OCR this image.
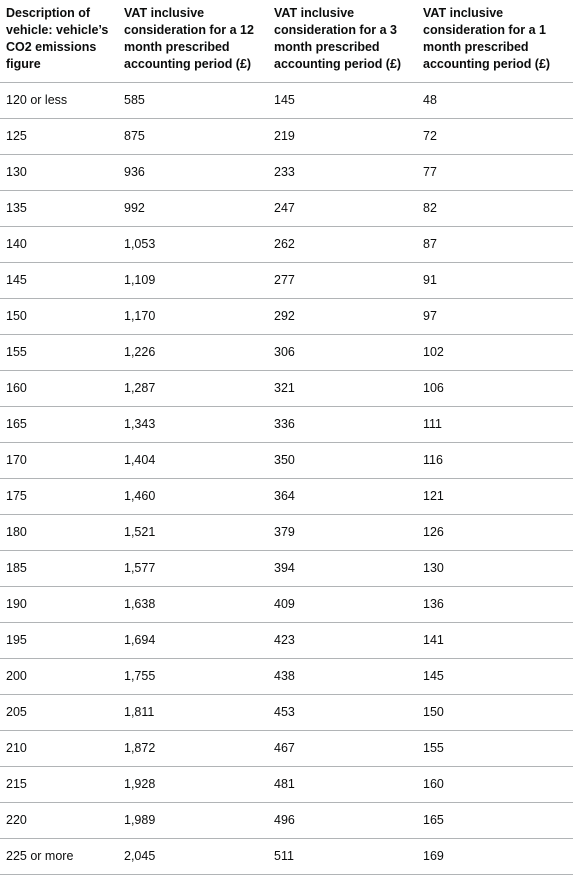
Description of vehicle: vehicle’s CO2 emissions figure	VAT inclusive consideration for a 12 month prescribed accounting period (£)	VAT inclusive consideration for a 3 month prescribed accounting period (£)	VAT inclusive consideration for a 1 month prescribed accounting period (£)
120 or less	585	145	48
125	875	219	72
130	936	233	77
135	992	247	82
140	1,053	262	87
145	1,109	277	91
150	1,170	292	97
155	1,226	306	102
160	1,287	321	106
165	1,343	336	111
170	1,404	350	116
175	1,460	364	121
180	1,521	379	126
185	1,577	394	130
190	1,638	409	136
195	1,694	423	141
200	1,755	438	145
205	1,811	453	150
210	1,872	467	155
215	1,928	481	160
220	1,989	496	165
225 or more	2,045	511	169
